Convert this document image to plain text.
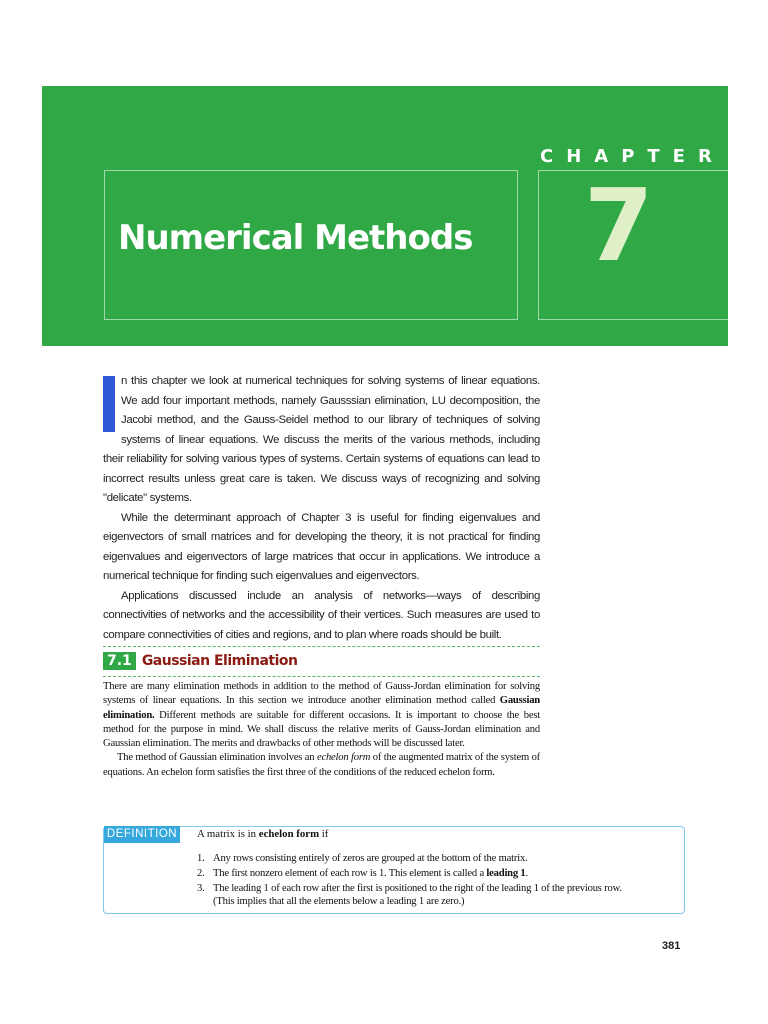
CHAPTER
Numerical Methods 7

n this chapter we look at numerical techniques for solving systems of linear equations. We add four important methods, namely Gausssian elimination, LU decomposition, the Jacobi method, and the Gauss-Seidel method to our library of techniques of solving systems of linear equations. We discuss the merits of the various methods, including their reliability for solving various types of systems. Certain systems of equations can lead to incorrect results unless great care is taken. We discuss ways of recognizing and solving "delicate" systems.

While the determinant approach of Chapter 3 is useful for finding eigenvalues and eigenvectors of small matrices and for developing the theory, it is not practical for finding eigenvalues and eigenvectors of large matrices that occur in applications. We introduce a numerical technique for finding such eigenvalues and eigenvectors.

Applications discussed include an analysis of networks—ways of describing connectivities of networks and the accessibility of their vertices. Such measures are used to compare connectivities of cities and regions, and to plan where roads should be built.

7.1 Gaussian Elimination

There are many elimination methods in addition to the method of Gauss-Jordan elimination for solving systems of linear equations. In this section we introduce another elimination method called Gaussian elimination. Different methods are suitable for different occasions. It is important to choose the best method for the purpose in mind. We shall discuss the relative merits of Gauss-Jordan elimination and Gaussian elimination. The merits and drawbacks of other methods will be discussed later.

The method of Gaussian elimination involves an echelon form of the augmented matrix of the system of equations. An echelon form satisfies the first three of the conditions of the reduced echelon form.

DEFINITION A matrix is in echelon form if
1. Any rows consisting entirely of zeros are grouped at the bottom of the matrix.
2. The first nonzero element of each row is 1. This element is called a leading 1.
3. The leading 1 of each row after the first is positioned to the right of the leading 1 of the previous row.
(This implies that all the elements below a leading 1 are zero.)
381
